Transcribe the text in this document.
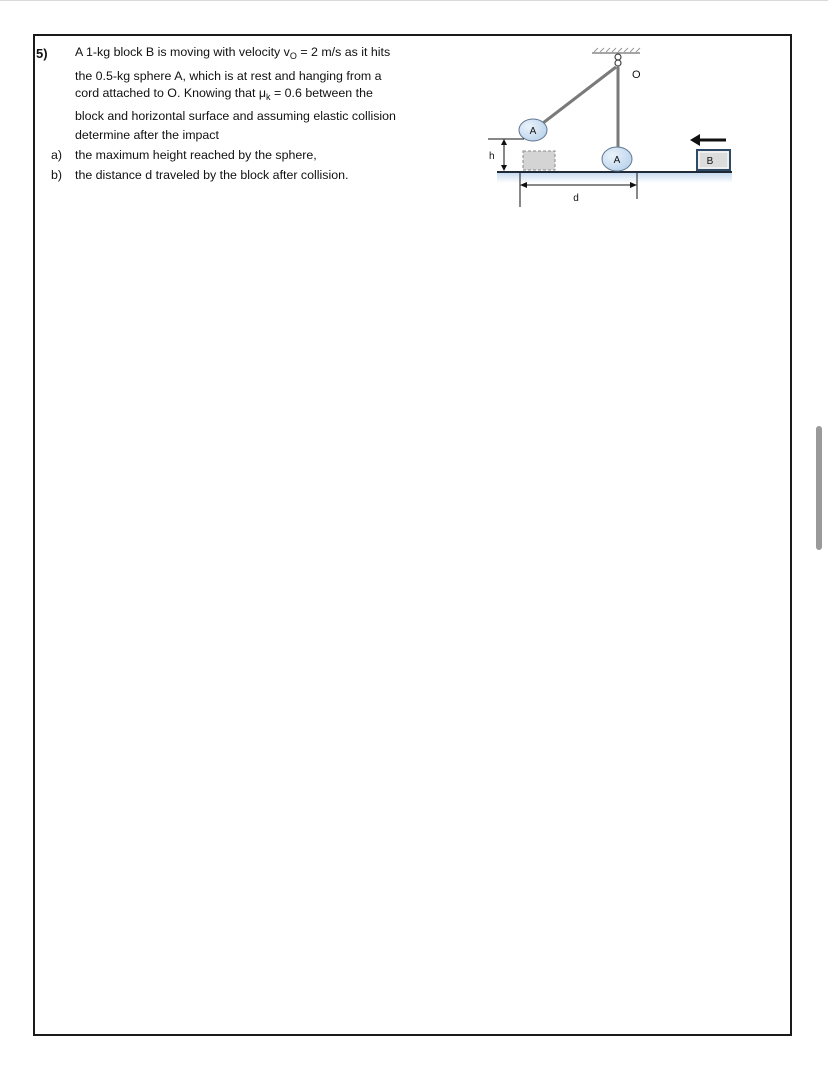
5) A 1-kg block B is moving with velocity $v_O = 2$ m/s as it hits
the 0.5-kg sphere A, which is at rest and hanging from a
cord attached to O. Knowing that $\mu_k = 0.6$ between the
block and horizontal surface and assuming elastic collision
determine after the impact
a) the maximum height reached by the sphere,
b) the distance d traveled by the block after collision.
O
A
A	B
h
d
